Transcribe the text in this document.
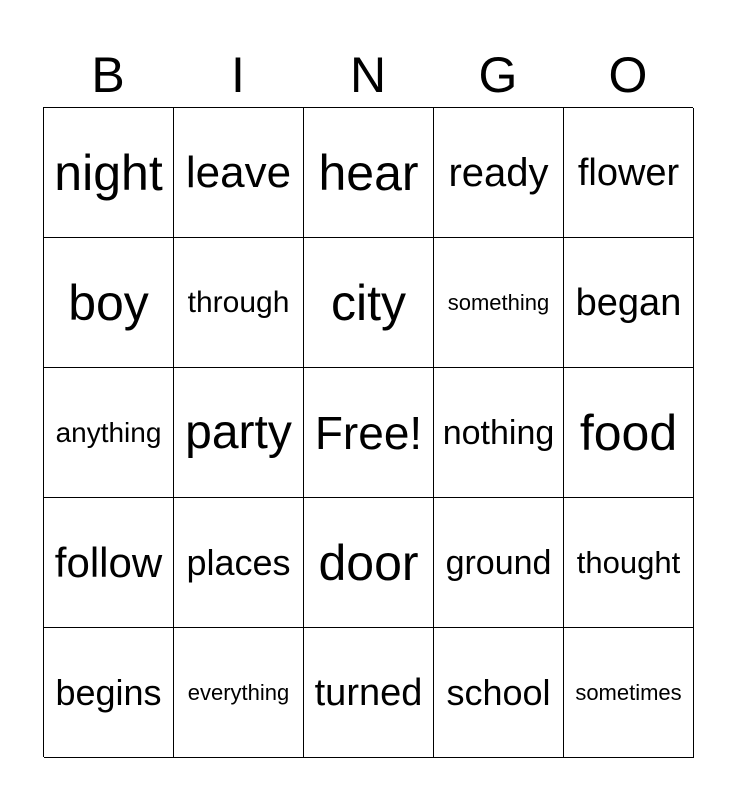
B	I	N	G	O
night leave hear ready flower
boy through city something began
anything party Free! nothing food
follow places door ground thought
begins everything turned school sometimes
